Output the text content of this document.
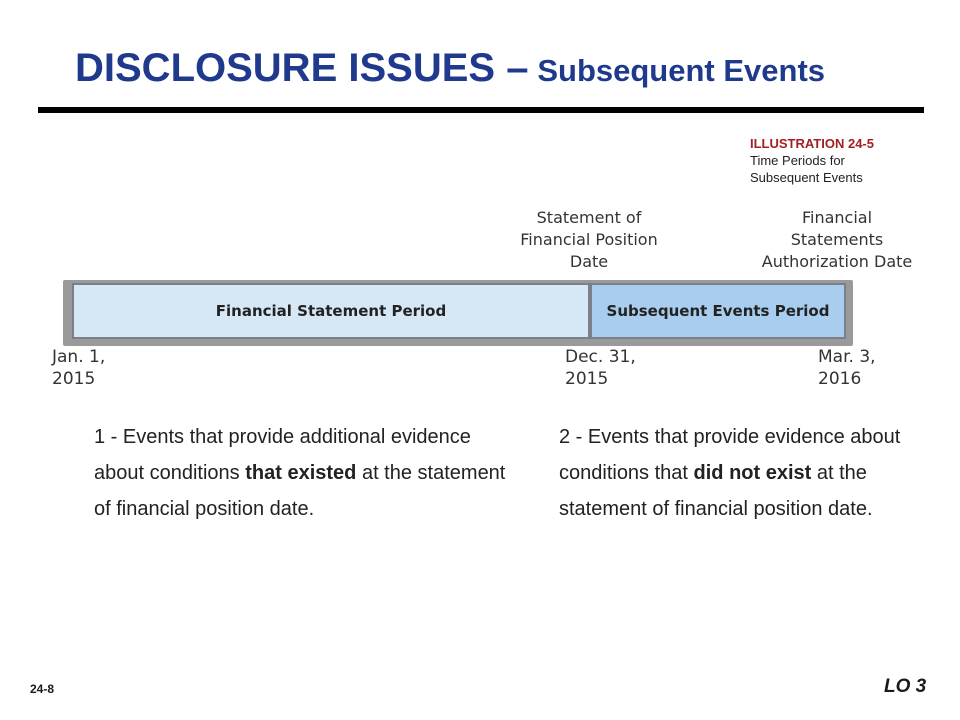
DISCLOSURE ISSUES – Subsequent Events
ILLUSTRATION 24-5
Time Periods for
Subsequent Events
Statement of
Financial Position
Date
Financial
Statements
Authorization Date
Financial Statement Period	Subsequent Events Period
Jan. 1,
2015
Dec. 31,
2015
Mar. 3,
2016

1 - Events that provide additional evidence about conditions that existed at the statement of financial position date.

2 - Events that provide evidence about conditions that did not exist at the statement of financial position date.

24-8	LO 3
